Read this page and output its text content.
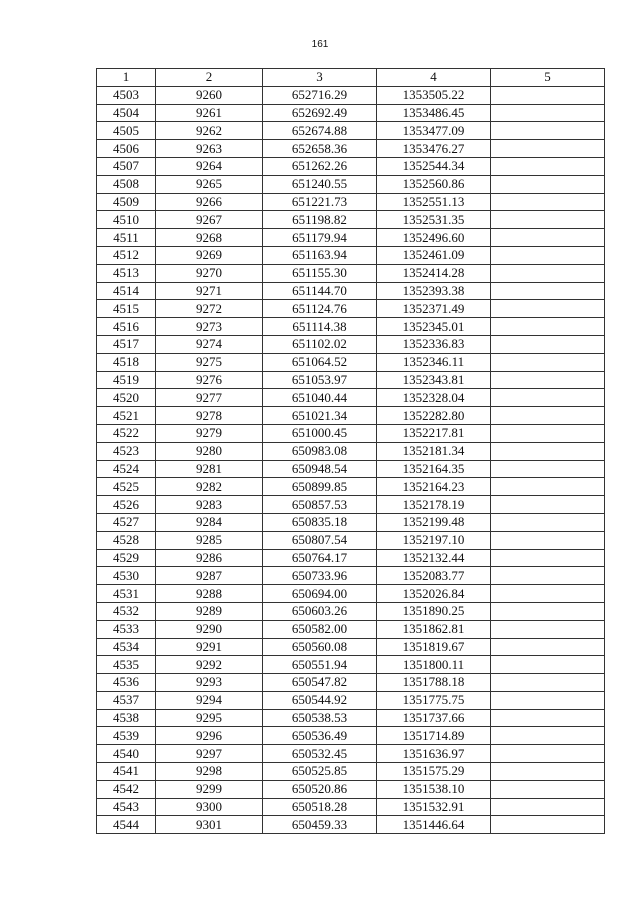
161
1	2	3	4	5
4503	9260	652716.29	1353505.22	
4504	9261	652692.49	1353486.45	
4505	9262	652674.88	1353477.09	
4506	9263	652658.36	1353476.27	
4507	9264	651262.26	1352544.34	
4508	9265	651240.55	1352560.86	
4509	9266	651221.73	1352551.13	
4510	9267	651198.82	1352531.35	
4511	9268	651179.94	1352496.60	
4512	9269	651163.94	1352461.09	
4513	9270	651155.30	1352414.28	
4514	9271	651144.70	1352393.38	
4515	9272	651124.76	1352371.49	
4516	9273	651114.38	1352345.01	
4517	9274	651102.02	1352336.83	
4518	9275	651064.52	1352346.11	
4519	9276	651053.97	1352343.81	
4520	9277	651040.44	1352328.04	
4521	9278	651021.34	1352282.80	
4522	9279	651000.45	1352217.81	
4523	9280	650983.08	1352181.34	
4524	9281	650948.54	1352164.35	
4525	9282	650899.85	1352164.23	
4526	9283	650857.53	1352178.19	
4527	9284	650835.18	1352199.48	
4528	9285	650807.54	1352197.10	
4529	9286	650764.17	1352132.44	
4530	9287	650733.96	1352083.77	
4531	9288	650694.00	1352026.84	
4532	9289	650603.26	1351890.25	
4533	9290	650582.00	1351862.81	
4534	9291	650560.08	1351819.67	
4535	9292	650551.94	1351800.11	
4536	9293	650547.82	1351788.18	
4537	9294	650544.92	1351775.75	
4538	9295	650538.53	1351737.66	
4539	9296	650536.49	1351714.89	
4540	9297	650532.45	1351636.97	
4541	9298	650525.85	1351575.29	
4542	9299	650520.86	1351538.10	
4543	9300	650518.28	1351532.91	
4544	9301	650459.33	1351446.64	
